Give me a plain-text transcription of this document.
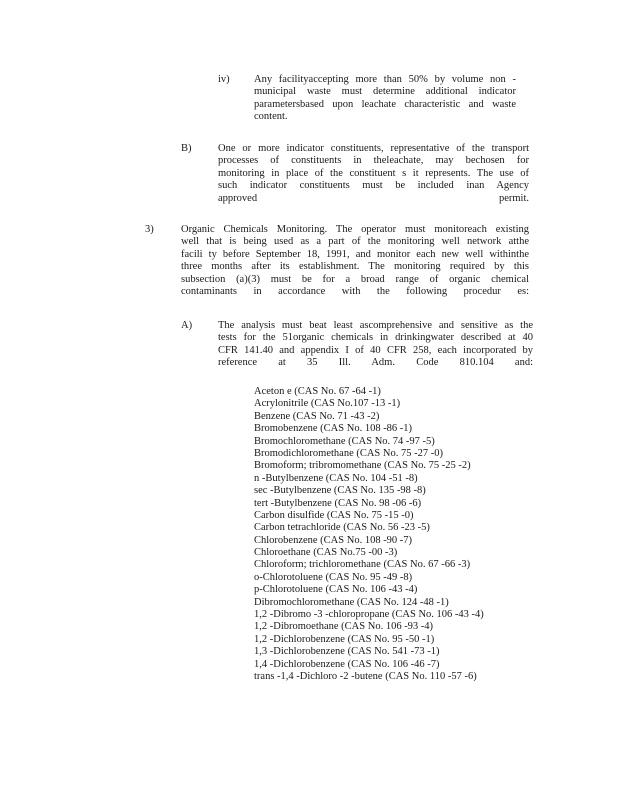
iv) Any facilityaccepting more than 50% by volume non -
municipal waste must determine additional indicator
parametersbased upon leachate characteristic and waste
content.
B)	One or more indicator constituents, representative of the transport
processes of constituents in theleachate, may bechosen for
monitoring in place of the constituent s it represents. The use of
such indicator constituents must be included inan Agency
approved permit.
3)	Organic Chemicals Monitoring. The operator must monitoreach existing
well that is being used as a part of the monitoring well network atthe
facili ty before September 18, 1991, and monitor each new well withinthe
three months after its establishment. The monitoring required by this
subsection (a)(3) must be for a broad range of organic chemical
contaminants in accordance with the following procedur es:
A) The analysis must beat least ascomprehensive and sensitive as the
tests for the 51organic chemicals in drinkingwater described at 40
CFR 141.40 and appendix I of 40 CFR 258, each incorporated by
reference at 35 Ill. Adm. Code 810.104 and:
Aceton e (CAS No. 67 -64 -1)
Acrylonitrile (CAS No.107 -13 -1)
Benzene (CAS No. 71 -43 -2)
Bromobenzene (CAS No. 108 -86 -1)
Bromochloromethane (CAS No. 74 -97 -5)
Bromodichloromethane (CAS No. 75 -27 -0)
Bromoform; tribromomethane (CAS No. 75 -25 -2)
n -Butylbenzene (CAS No. 104 -51 -8)
sec -Butylbenzene (CAS No. 135 -98 -8)
tert -Butylbenzene (CAS No. 98 -06 -6)
Carbon disulfide (CAS No. 75 -15 -0)
Carbon tetrachloride (CAS No. 56 -23 -5)
Chlorobenzene (CAS No. 108 -90 -7)
Chloroethane (CAS No.75 -00 -3)
Chloroform; trichloromethane (CAS No. 67 -66 -3)
o-Chlorotoluene (CAS No. 95 -49 -8)
p-Chlorotoluene (CAS No. 106 -43 -4)
Dibromochloromethane (CAS No. 124 -48 -1)
1,2 -Dibromo -3 -chloropropane (CAS No. 106 -43 -4)
1,2 -Dibromoethane (CAS No. 106 -93 -4)
1,2 -Dichlorobenzene (CAS No. 95 -50 -1)
1,3 -Dichlorobenzene (CAS No. 541 -73 -1)
1,4 -Dichlorobenzene (CAS No. 106 -46 -7)
trans -1,4 -Dichloro -2 -butene (CAS No. 110 -57 -6)
